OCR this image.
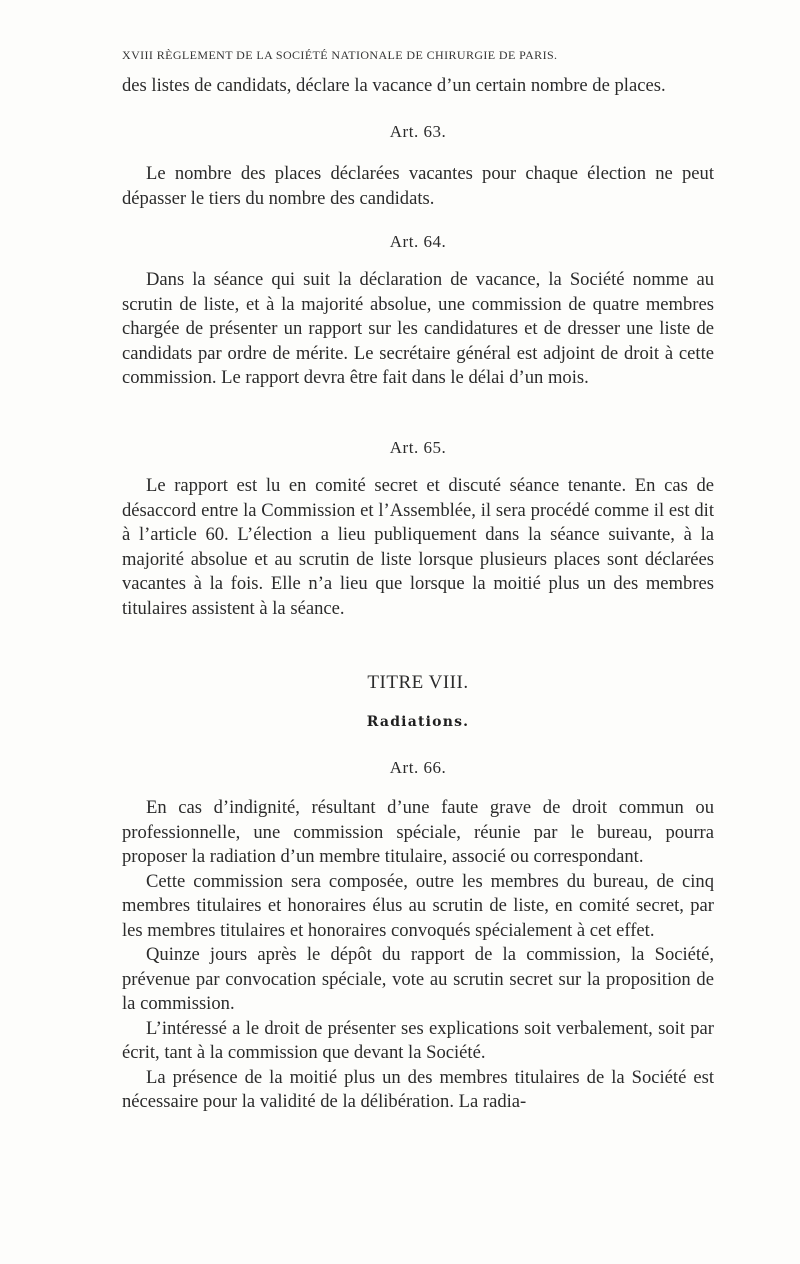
XVIII RÈGLEMENT DE LA SOCIÉTÉ NATIONALE DE CHIRURGIE DE PARIS.

des listes de candidats, déclare la vacance d’un certain nombre de places.

Art. 63.

Le nombre des places déclarées vacantes pour chaque élection ne peut dépasser le tiers du nombre des candidats.

Art. 64.

Dans la séance qui suit la déclaration de vacance, la Société nomme au scrutin de liste, et à la majorité absolue, une commission de quatre membres chargée de présenter un rapport sur les candidatures et de dresser une liste de candidats par ordre de mérite. Le secrétaire général est adjoint de droit à cette commission. Le rapport devra être fait dans le délai d’un mois.

Art. 65.

Le rapport est lu en comité secret et discuté séance tenante. En cas de désaccord entre la Commission et l’Assemblée, il sera procédé comme il est dit à l’article 60. L’élection a lieu publiquement dans la séance suivante, à la majorité absolue et au scrutin de liste lorsque plusieurs places sont déclarées vacantes à la fois. Elle n’a lieu que lorsque la moitié plus un des membres titulaires assistent à la séance.

TITRE VIII.
Radiations.
Art. 66.

En cas d’indignité, résultant d’une faute grave de droit commun ou professionnelle, une commission spéciale, réunie par le bureau, pourra proposer la radiation d’un membre titulaire, associé ou correspondant.

Cette commission sera composée, outre les membres du bureau, de cinq membres titulaires et honoraires élus au scrutin de liste, en comité secret, par les membres titulaires et honoraires convoqués spécialement à cet effet.

Quinze jours après le dépôt du rapport de la commission, la Société, prévenue par convocation spéciale, vote au scrutin secret sur la proposition de la commission.

L’intéressé a le droit de présenter ses explications soit verbalement, soit par écrit, tant à la commission que devant la Société.

La présence de la moitié plus un des membres titulaires de la Société est nécessaire pour la validité de la délibération. La radia-
